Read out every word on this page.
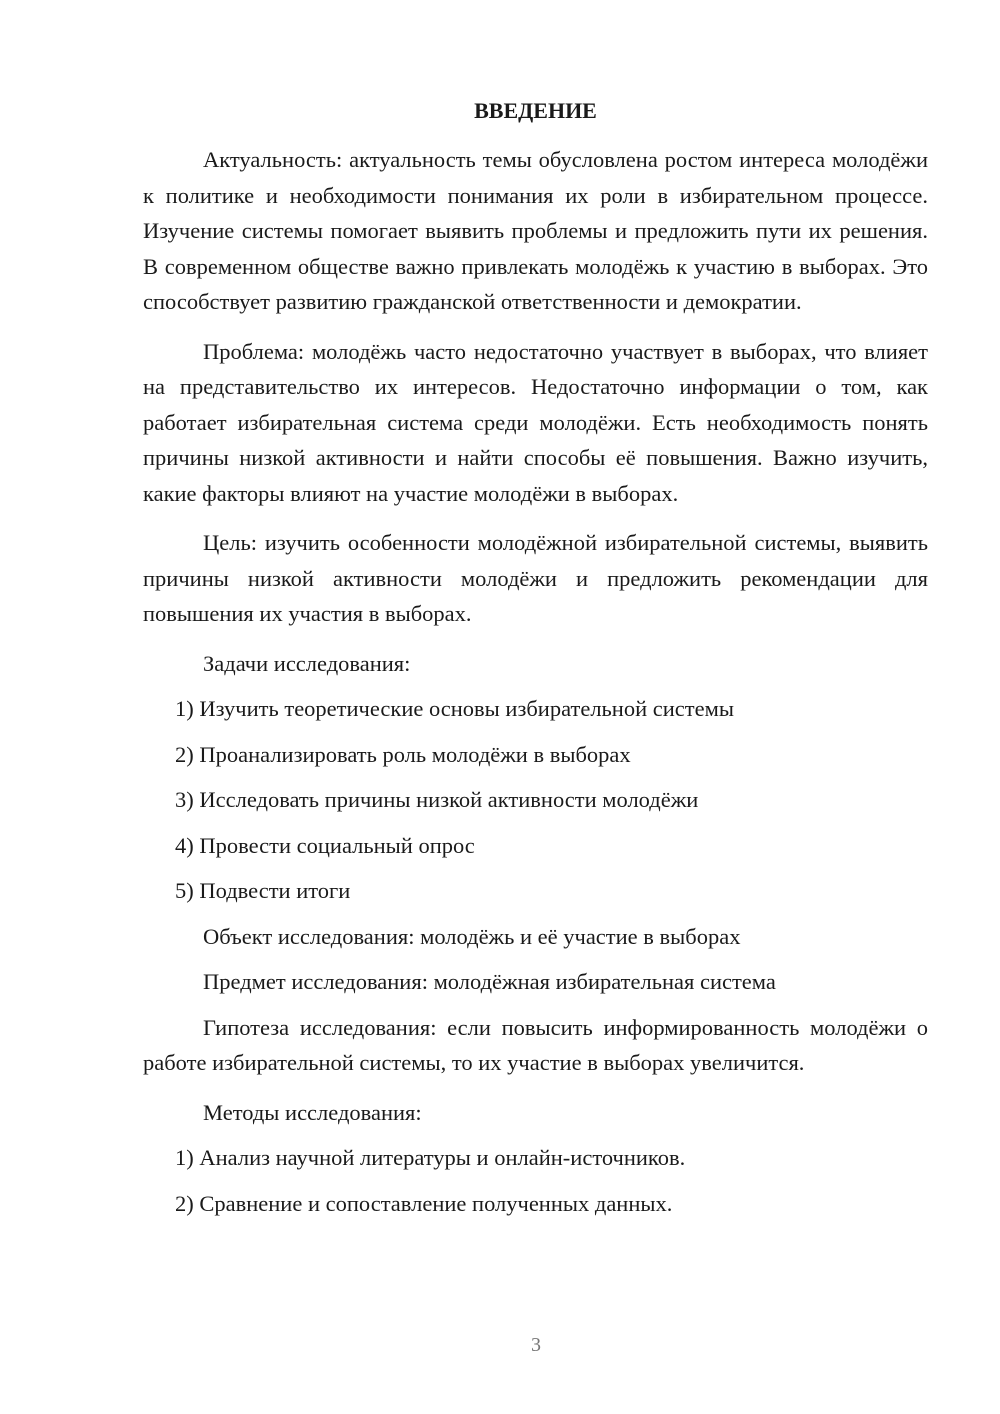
ВВЕДЕНИЕ

Актуальность: актуальность темы обусловлена ростом интереса молодёжи к политике и необходимости понимания их роли в избирательном процессе. Изучение системы помогает выявить проблемы и предложить пути их решения. В современном обществе важно привлекать молодёжь к участию в выборах. Это способствует развитию гражданской ответственности и демократии.

Проблема: молодёжь часто недостаточно участвует в выборах, что влияет на представительство их интересов. Недостаточно информации о том, как работает избирательная система среди молодёжи. Есть необходимость понять причины низкой активности и найти способы её повышения. Важно изучить, какие факторы влияют на участие молодёжи в выборах.

Цель: изучить особенности молодёжной избирательной системы, выявить причины низкой активности молодёжи и предложить рекомендации для повышения их участия в выборах.

Задачи исследования:
1) Изучить теоретические основы избирательной системы
2) Проанализировать роль молодёжи в выборах
3) Исследовать причины низкой активности молодёжи
4) Провести социальный опрос
5) Подвести итоги
Объект исследования: молодёжь и её участие в выборах
Предмет исследования: молодёжная избирательная система

Гипотеза исследования: если повысить информированность молодёжи о работе избирательной системы, то их участие в выборах увеличится.

Методы исследования:
1) Анализ научной литературы и онлайн-источников.
2) Сравнение и сопоставление полученных данных.
3
